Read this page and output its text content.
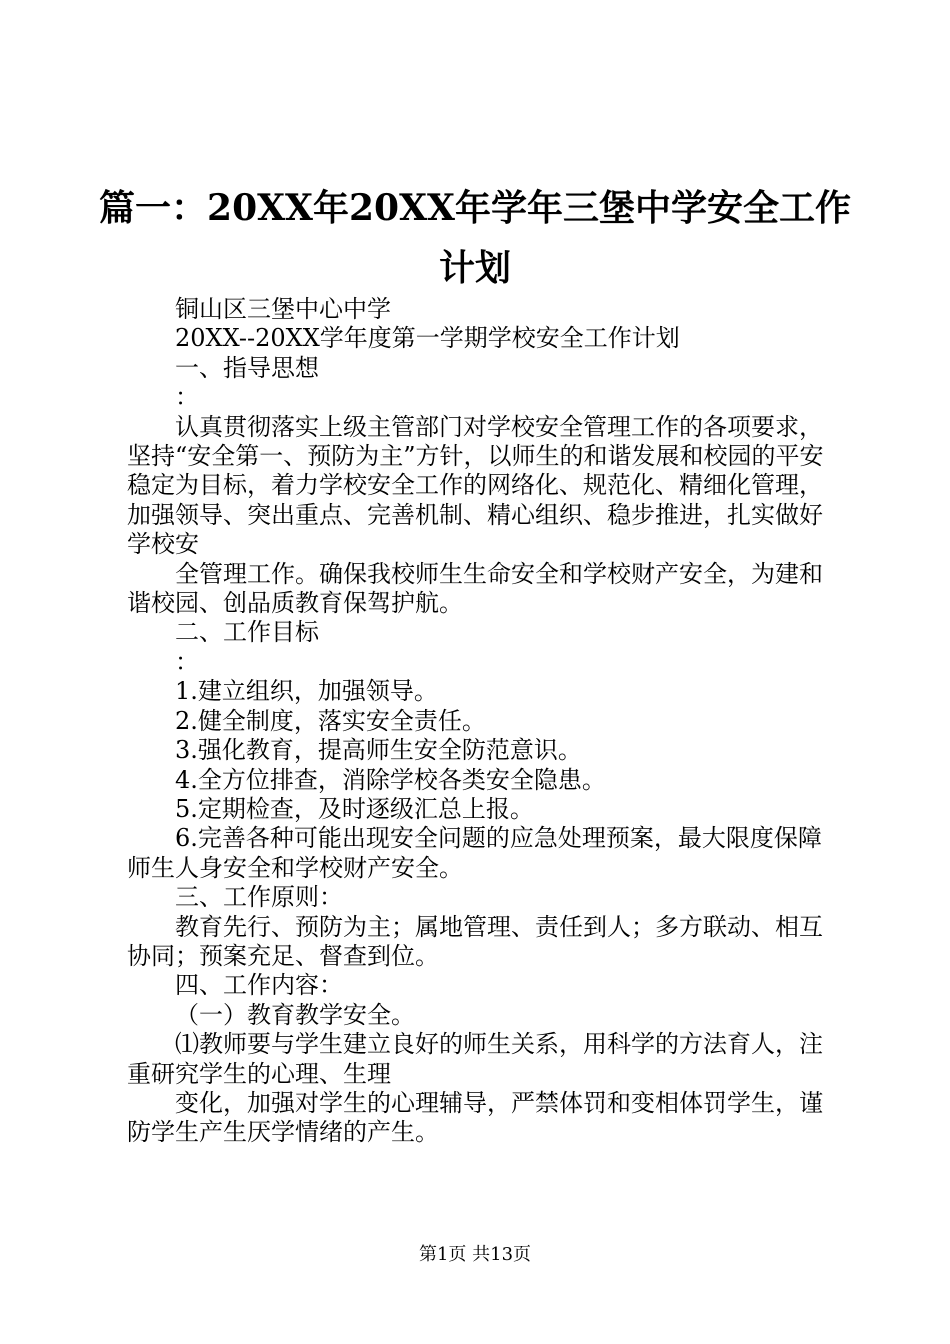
篇一：20XX年20XX年学年三堡中学安全工作
计划

铜山区三堡中心中学

20XX--20XX学年度第一学期学校安全工作计划

一、指导思想

：

认真贯彻落实上级主管部门对学校安全管理工作的各项要求，坚持“安全第一、预防为主”方针，以师生的和谐发展和校园的平安稳定为目标，着力学校安全工作的网络化、规范化、精细化管理，加强领导、突出重点、完善机制、精心组织、稳步推进，扎实做好学校安

全管理工作。确保我校师生生命安全和学校财产安全，为建和谐校园、创品质教育保驾护航。

二、工作目标

：

1.建立组织，加强领导。

2.健全制度，落实安全责任。

3.强化教育，提高师生安全防范意识。

4.全方位排查，消除学校各类安全隐患。

5.定期检查，及时逐级汇总上报。

6.完善各种可能出现安全问题的应急处理预案，最大限度保障师生人身安全和学校财产安全。

三、工作原则：

教育先行、预防为主；属地管理、责任到人；多方联动、相互协同；预案充足、督查到位。

四、工作内容：

（一）教育教学安全。

⑴教师要与学生建立良好的师生关系，用科学的方法育人，注重研究学生的心理、生理

变化，加强对学生的心理辅导，严禁体罚和变相体罚学生，谨防学生产生厌学情绪的产生。

第1页 共13页
